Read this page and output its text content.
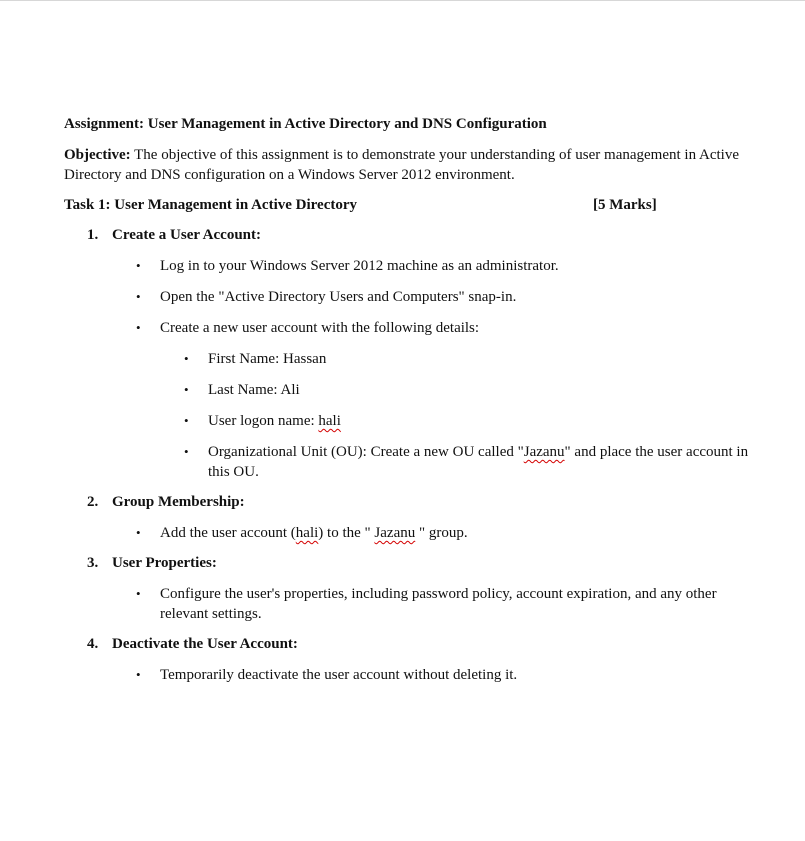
Assignment: User Management in Active Directory and DNS Configuration
Objective: The objective of this assignment is to demonstrate your understanding of user management in Active Directory and DNS configuration on a Windows Server 2012 environment.
Task 1: User Management in Active Directory	[5 Marks]
1. Create a User Account:
• Log in to your Windows Server 2012 machine as an administrator.
• Open the "Active Directory Users and Computers" snap-in.
• Create a new user account with the following details:
• First Name: Hassan
• Last Name: Ali
• User logon name: hali
• Organizational Unit (OU): Create a new OU called "Jazanu" and place the user account in this OU.
2. Group Membership:
• Add the user account (hali) to the " Jazanu " group.
3. User Properties:
• Configure the user's properties, including password policy, account expiration, and any other relevant settings.
4. Deactivate the User Account:
• Temporarily deactivate the user account without deleting it.
